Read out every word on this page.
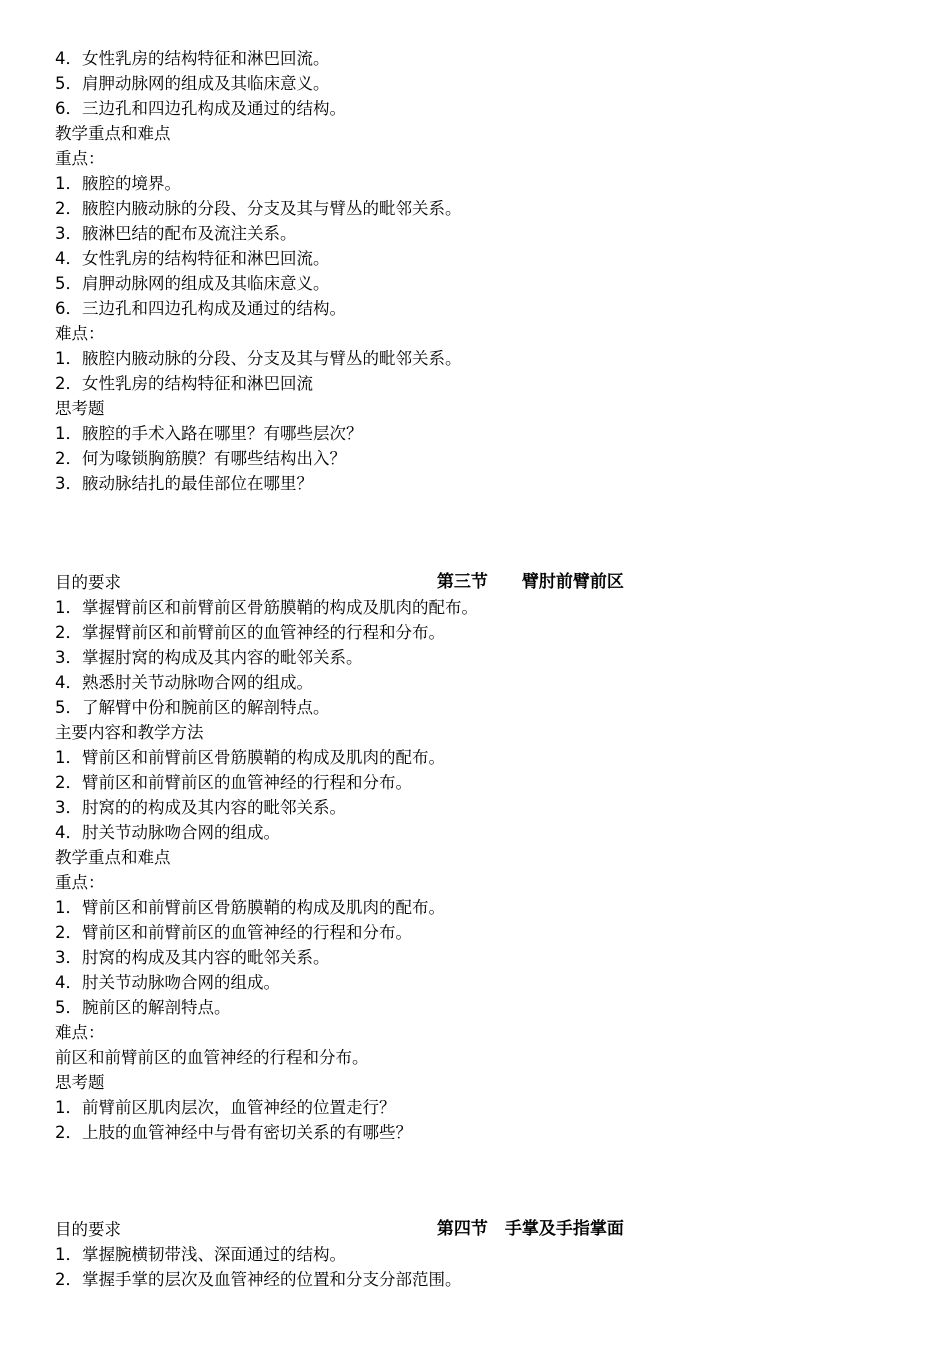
4．女性乳房的结构特征和淋巴回流。
5．肩胛动脉网的组成及其临床意义。
6．三边孔和四边孔构成及通过的结构。
教学重点和难点
重点：
1．腋腔的境界。
2．腋腔内腋动脉的分段、分支及其与臂丛的毗邻关系。
3．腋淋巴结的配布及流注关系。
4．女性乳房的结构特征和淋巴回流。
5．肩胛动脉网的组成及其临床意义。
6．三边孔和四边孔构成及通过的结构。
难点：
1．腋腔内腋动脉的分段、分支及其与臂丛的毗邻关系。
2．女性乳房的结构特征和淋巴回流
思考题
1．腋腔的手术入路在哪里？有哪些层次？
2．何为喙锁胸筋膜？有哪些结构出入？
3．腋动脉结扎的最佳部位在哪里？

第三节　　臂肘前臂前区

目的要求
1．掌握臂前区和前臂前区骨筋膜鞘的构成及肌肉的配布。
2．掌握臂前区和前臂前区的血管神经的行程和分布。
3．掌握肘窝的构成及其内容的毗邻关系。
4．熟悉肘关节动脉吻合网的组成。
5．了解臂中份和腕前区的解剖特点。
主要内容和教学方法
1．臂前区和前臂前区骨筋膜鞘的构成及肌肉的配布。
2．臂前区和前臂前区的血管神经的行程和分布。
3．肘窝的的构成及其内容的毗邻关系。
4．肘关节动脉吻合网的组成。
教学重点和难点
重点：
1．臂前区和前臂前区骨筋膜鞘的构成及肌肉的配布。
2．臂前区和前臂前区的血管神经的行程和分布。
3．肘窝的构成及其内容的毗邻关系。
4．肘关节动脉吻合网的组成。
5．腕前区的解剖特点。
难点：
前区和前臂前区的血管神经的行程和分布。
思考题
1．前臂前区肌肉层次，血管神经的位置走行？
2．上肢的血管神经中与骨有密切关系的有哪些？

第四节　手掌及手指掌面

目的要求
1．掌握腕横韧带浅、深面通过的结构。
2．掌握手掌的层次及血管神经的位置和分支分部范围。
